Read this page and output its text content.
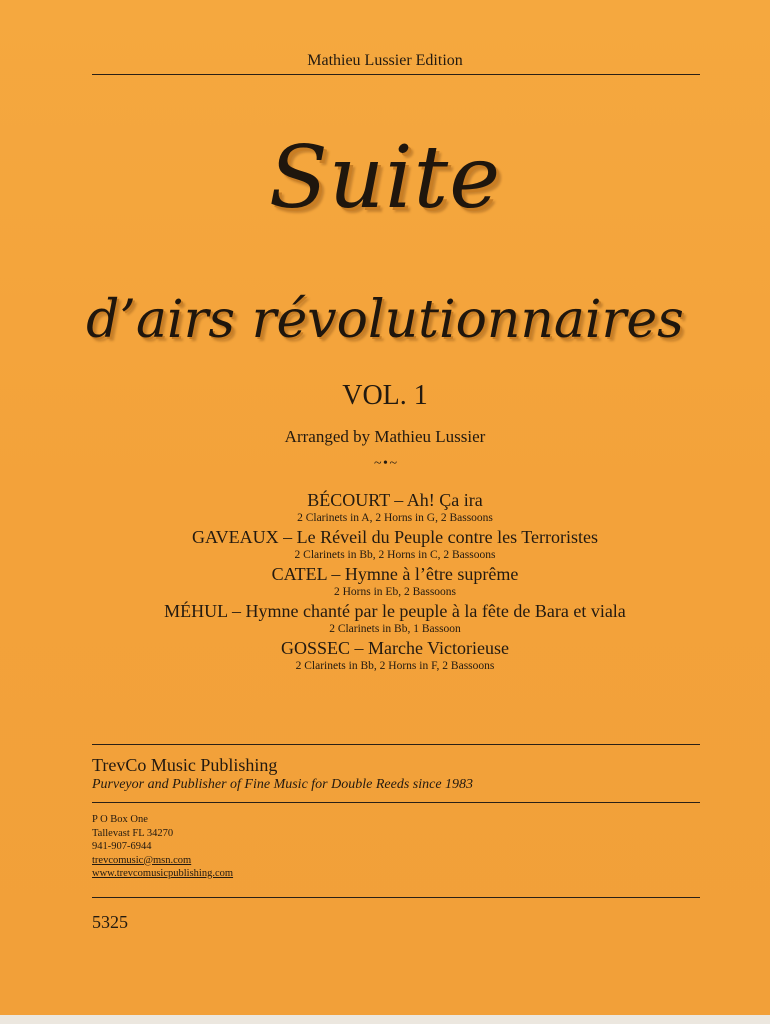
Mathieu Lussier Edition
Suite
d’airs révolutionnaires
VOL. 1
Arranged by Mathieu Lussier
~ • ~
BÉCOURT – Ah! Ça ira
2 Clarinets in A, 2 Horns in G, 2 Bassoons
GAVEAUX – Le Réveil du Peuple contre les Terroristes
2 Clarinets in Bb, 2 Horns in C, 2 Bassoons
CATEL – Hymne à l’être suprême
2 Horns in Eb, 2 Bassoons
MÉHUL – Hymne chanté par le peuple à la fête de Bara et viala
2 Clarinets in Bb, 1 Bassoon
GOSSEC – Marche Victorieuse
2 Clarinets in Bb, 2 Horns in F, 2 Bassoons
TrevCo Music Publishing
Purveyor and Publisher of Fine Music for Double Reeds since 1983
P O Box One
Tallevast FL 34270
941-907-6944
trevcomusic@msn.com
www.trevcomusicpublishing.com
5325
